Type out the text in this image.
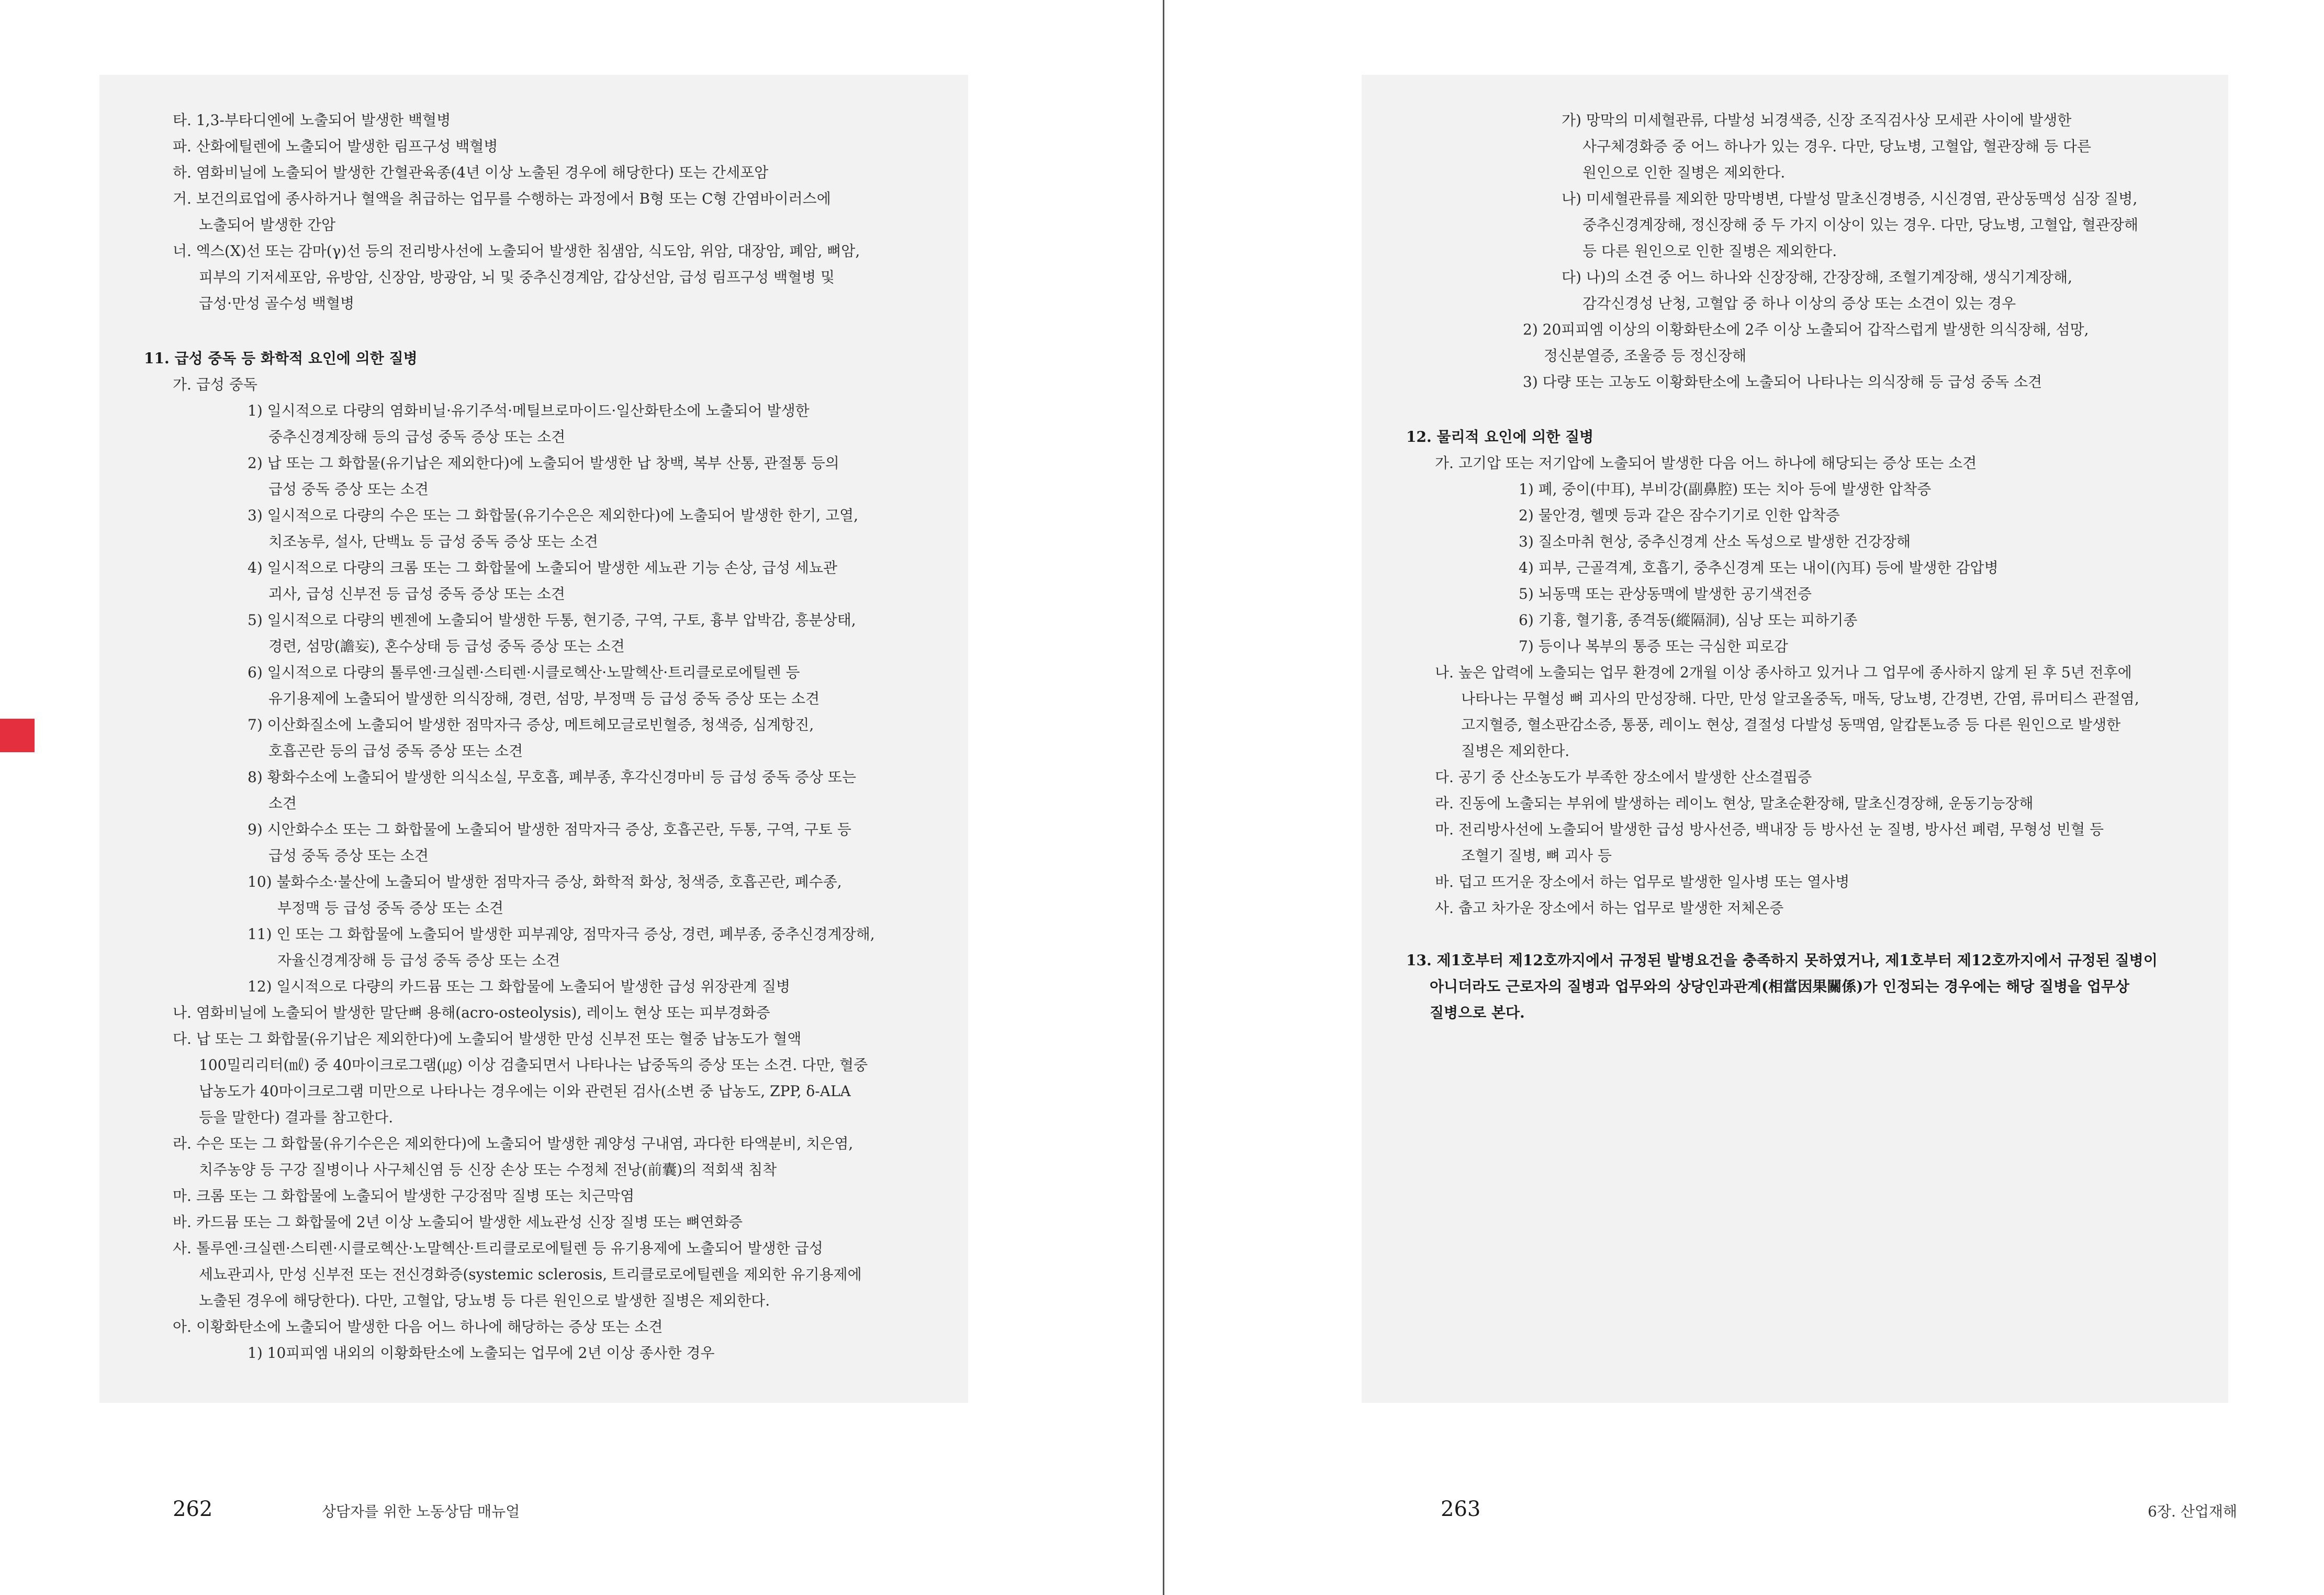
타. 1,3-부타디엔에 노출되어 발생한 백혈병
파. 산화에틸렌에 노출되어 발생한 림프구성 백혈병
하. 염화비닐에 노출되어 발생한 간혈관육종(4년 이상 노출된 경우에 해당한다) 또는 간세포암
거. 보건의료업에 종사하거나 혈액을 취급하는 업무를 수행하는 과정에서 B형 또는 C형 간염바이러스에
노출되어 발생한 간암
너. 엑스(X)선 또는 감마(γ)선 등의 전리방사선에 노출되어 발생한 침샘암, 식도암, 위암, 대장암, 폐암, 뼈암,
피부의 기저세포암, 유방암, 신장암, 방광암, 뇌 및 중추신경계암, 갑상선암, 급성 림프구성 백혈병 및
급성·만성 골수성 백혈병
11. 급성 중독 등 화학적 요인에 의한 질병
가. 급성 중독
1) 일시적으로 다량의 염화비닐·유기주석·메틸브로마이드·일산화탄소에 노출되어 발생한
중추신경계장해 등의 급성 중독 증상 또는 소견
2) 납 또는 그 화합물(유기납은 제외한다)에 노출되어 발생한 납 창백, 복부 산통, 관절통 등의
급성 중독 증상 또는 소견
3) 일시적으로 다량의 수은 또는 그 화합물(유기수은은 제외한다)에 노출되어 발생한 한기, 고열,
치조농루, 설사, 단백뇨 등 급성 중독 증상 또는 소견
4) 일시적으로 다량의 크롬 또는 그 화합물에 노출되어 발생한 세뇨관 기능 손상, 급성 세뇨관
괴사, 급성 신부전 등 급성 중독 증상 또는 소견
5) 일시적으로 다량의 벤젠에 노출되어 발생한 두통, 현기증, 구역, 구토, 흉부 압박감, 흥분상태,
경련, 섬망(譫妄), 혼수상태 등 급성 중독 증상 또는 소견
6) 일시적으로 다량의 톨루엔·크실렌·스티렌·시클로헥산·노말헥산·트리클로로에틸렌 등
유기용제에 노출되어 발생한 의식장해, 경련, 섬망, 부정맥 등 급성 중독 증상 또는 소견
7) 이산화질소에 노출되어 발생한 점막자극 증상, 메트헤모글로빈혈증, 청색증, 심계항진,
호흡곤란 등의 급성 중독 증상 또는 소견
8) 황화수소에 노출되어 발생한 의식소실, 무호흡, 폐부종, 후각신경마비 등 급성 중독 증상 또는
소견
9) 시안화수소 또는 그 화합물에 노출되어 발생한 점막자극 증상, 호흡곤란, 두통, 구역, 구토 등
급성 중독 증상 또는 소견
10) 불화수소·불산에 노출되어 발생한 점막자극 증상, 화학적 화상, 청색증, 호흡곤란, 폐수종,
부정맥 등 급성 중독 증상 또는 소견
11) 인 또는 그 화합물에 노출되어 발생한 피부궤양, 점막자극 증상, 경련, 폐부종, 중추신경계장해,
자율신경계장해 등 급성 중독 증상 또는 소견
12) 일시적으로 다량의 카드뮴 또는 그 화합물에 노출되어 발생한 급성 위장관계 질병
나. 염화비닐에 노출되어 발생한 말단뼈 용해(acro-osteolysis), 레이노 현상 또는 피부경화증
다. 납 또는 그 화합물(유기납은 제외한다)에 노출되어 발생한 만성 신부전 또는 혈중 납농도가 혈액
100밀리리터(㎖) 중 40마이크로그램(㎍) 이상 검출되면서 나타나는 납중독의 증상 또는 소견. 다만, 혈중
납농도가 40마이크로그램 미만으로 나타나는 경우에는 이와 관련된 검사(소변 중 납농도, ZPP, δ-ALA
등을 말한다) 결과를 참고한다.
라. 수은 또는 그 화합물(유기수은은 제외한다)에 노출되어 발생한 궤양성 구내염, 과다한 타액분비, 치은염,
치주농양 등 구강 질병이나 사구체신염 등 신장 손상 또는 수정체 전낭(前囊)의 적회색 침착
마. 크롬 또는 그 화합물에 노출되어 발생한 구강점막 질병 또는 치근막염
바. 카드뮴 또는 그 화합물에 2년 이상 노출되어 발생한 세뇨관성 신장 질병 또는 뼈연화증
사. 톨루엔·크실렌·스티렌·시클로헥산·노말헥산·트리클로로에틸렌 등 유기용제에 노출되어 발생한 급성
세뇨관괴사, 만성 신부전 또는 전신경화증(systemic sclerosis, 트리클로로에틸렌을 제외한 유기용제에
노출된 경우에 해당한다). 다만, 고혈압, 당뇨병 등 다른 원인으로 발생한 질병은 제외한다.
아. 이황화탄소에 노출되어 발생한 다음 어느 하나에 해당하는 증상 또는 소견
1) 10피피엠 내외의 이황화탄소에 노출되는 업무에 2년 이상 종사한 경우
262	상담자를 위한 노동상담 매뉴얼
가) 망막의 미세혈관류, 다발성 뇌경색증, 신장 조직검사상 모세관 사이에 발생한
사구체경화증 중 어느 하나가 있는 경우. 다만, 당뇨병, 고혈압, 혈관장해 등 다른
원인으로 인한 질병은 제외한다.
나) 미세혈관류를 제외한 망막병변, 다발성 말초신경병증, 시신경염, 관상동맥성 심장 질병,
중추신경계장해, 정신장해 중 두 가지 이상이 있는 경우. 다만, 당뇨병, 고혈압, 혈관장해
등 다른 원인으로 인한 질병은 제외한다.
다) 나)의 소견 중 어느 하나와 신장장해, 간장장해, 조혈기계장해, 생식기계장해,
감각신경성 난청, 고혈압 중 하나 이상의 증상 또는 소견이 있는 경우
2) 20피피엠 이상의 이황화탄소에 2주 이상 노출되어 갑작스럽게 발생한 의식장해, 섬망,
정신분열증, 조울증 등 정신장해
3) 다량 또는 고농도 이황화탄소에 노출되어 나타나는 의식장해 등 급성 중독 소견
12. 물리적 요인에 의한 질병
가. 고기압 또는 저기압에 노출되어 발생한 다음 어느 하나에 해당되는 증상 또는 소견
1) 폐, 중이(中耳), 부비강(副鼻腔) 또는 치아 등에 발생한 압착증
2) 물안경, 헬멧 등과 같은 잠수기기로 인한 압착증
3) 질소마취 현상, 중추신경계 산소 독성으로 발생한 건강장해
4) 피부, 근골격계, 호흡기, 중추신경계 또는 내이(內耳) 등에 발생한 감압병
5) 뇌동맥 또는 관상동맥에 발생한 공기색전증
6) 기흉, 혈기흉, 종격동(縱隔洞), 심낭 또는 피하기종
7) 등이나 복부의 통증 또는 극심한 피로감
나. 높은 압력에 노출되는 업무 환경에 2개월 이상 종사하고 있거나 그 업무에 종사하지 않게 된 후 5년 전후에
나타나는 무혈성 뼈 괴사의 만성장해. 다만, 만성 알코올중독, 매독, 당뇨병, 간경변, 간염, 류머티스 관절염,
고지혈증, 혈소판감소증, 통풍, 레이노 현상, 결절성 다발성 동맥염, 알캅톤뇨증 등 다른 원인으로 발생한
질병은 제외한다.
다. 공기 중 산소농도가 부족한 장소에서 발생한 산소결핍증
라. 진동에 노출되는 부위에 발생하는 레이노 현상, 말초순환장해, 말초신경장해, 운동기능장해
마. 전리방사선에 노출되어 발생한 급성 방사선증, 백내장 등 방사선 눈 질병, 방사선 폐렴, 무형성 빈혈 등
조혈기 질병, 뼈 괴사 등
바. 덥고 뜨거운 장소에서 하는 업무로 발생한 일사병 또는 열사병
사. 춥고 차가운 장소에서 하는 업무로 발생한 저체온증
13. 제1호부터 제12호까지에서 규정된 발병요건을 충족하지 못하였거나, 제1호부터 제12호까지에서 규정된 질병이
아니더라도 근로자의 질병과 업무와의 상당인과관계(相當因果關係)가 인정되는 경우에는 해당 질병을 업무상
질병으로 본다.
263	6장. 산업재해
